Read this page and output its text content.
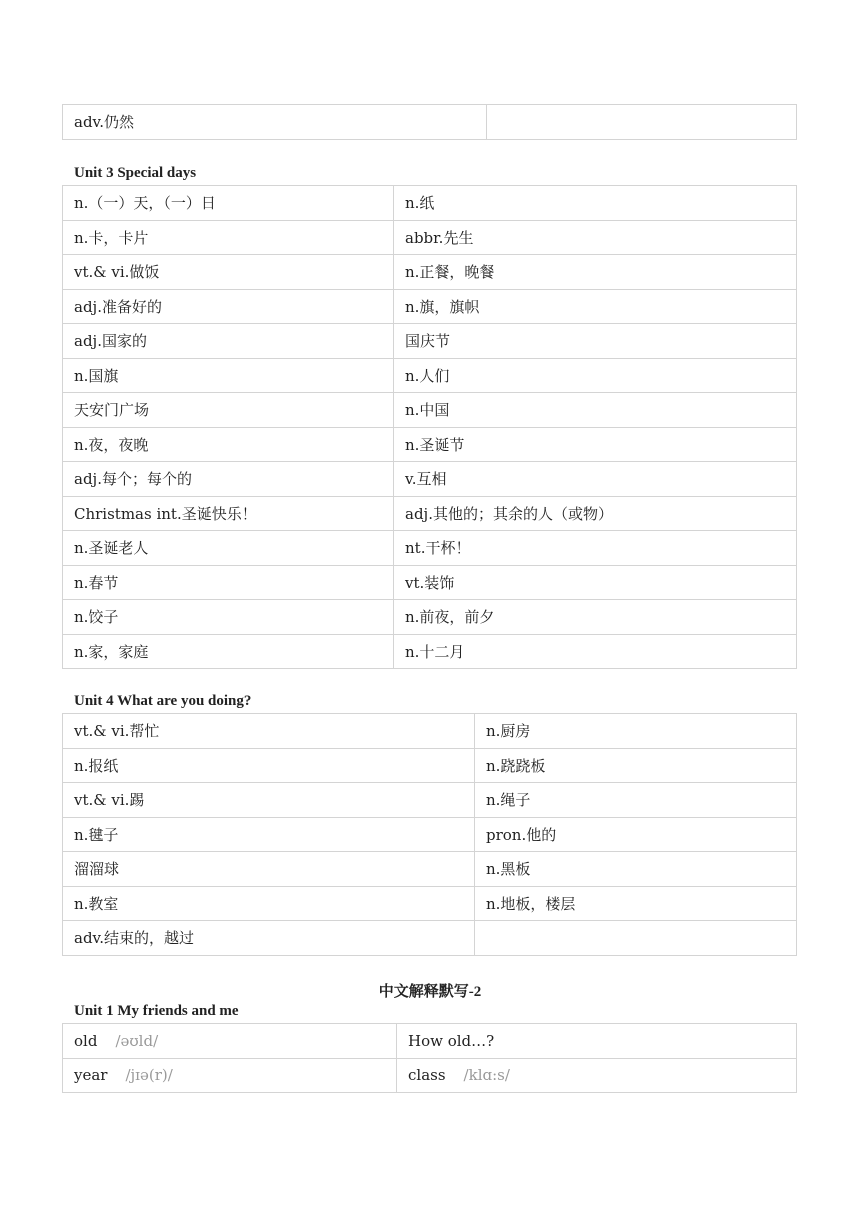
adv.仍然	
Unit 3 Special days
n.（一）天，（一）日	n.纸
n.卡，卡片	abbr.先生
vt.& vi.做饭	n.正餐，晚餐
adj.准备好的	n.旗，旗帜
adj.国家的	国庆节
n.国旗	n.人们
天安门广场	n.中国
n.夜，夜晚	n.圣诞节
adj.每个；每个的	v.互相
Christmas int.圣诞快乐！	adj.其他的；其余的人（或物）
n.圣诞老人	nt.干杯！
n.春节	vt.装饰
n.饺子	n.前夜，前夕
n.家，家庭	n.十二月
Unit 4 What are you doing?
vt.& vi.帮忙	n.厨房
n.报纸	n.跷跷板
vt.& vi.踢	n.绳子
n.毽子	pron.他的
溜溜球	n.黑板
n.教室	n.地板，楼层
adv.结束的，越过	
中文解释默写-2
Unit 1 My friends and me
old /əʊld/	How old…?
year /jɪə(r)/	class /klɑ:s/
